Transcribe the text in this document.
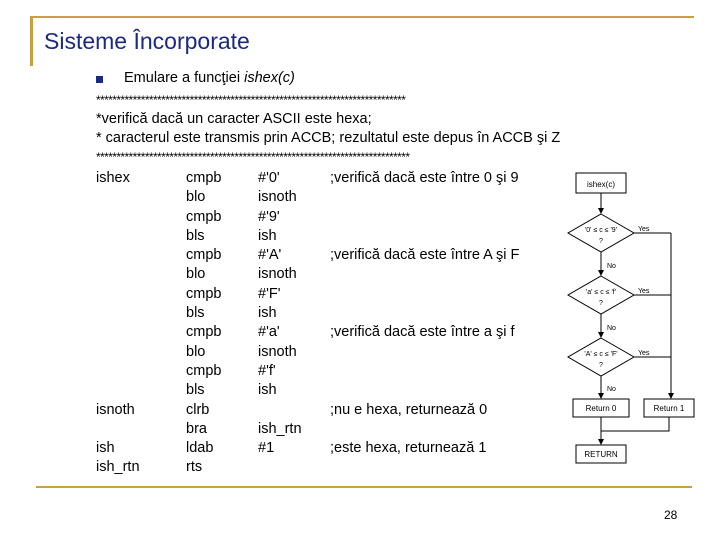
Sisteme Încorporate
Emulare a funcţiei ishex(c)
****************************************************************************
*verifică dacă un caracter ASCII este hexa;
* caracterul este transmis prin ACCB; rezultatul este depus în ACCB şi Z
*****************************************************************************
ishex
isnoth
ish
ish_rtn
cmpb
blo
cmpb
bls
cmpb
blo
cmpb
bls
cmpb
blo
cmpb
bls
clrb
bra
ldab
rts
#'0'
isnoth
#'9'
ish
#'A'
isnoth
#'F'
ish
#'a'
isnoth
#'f'
ish
ish_rtn
#1
;verifică dacă este între 0 şi 9
;verifică dacă este între A şi F
;verifică dacă este între a şi f
;nu e hexa, returnează 0
;este hexa, returnează 1
ishex(c)
'0' ≤ c ≤ '9'
?
Yes
No
'a' ≤ c ≤ 'f'
?
Yes
No
'A' ≤ c ≤ 'F'
?
Yes
No
Return 0	Return 1
RETURN
28
